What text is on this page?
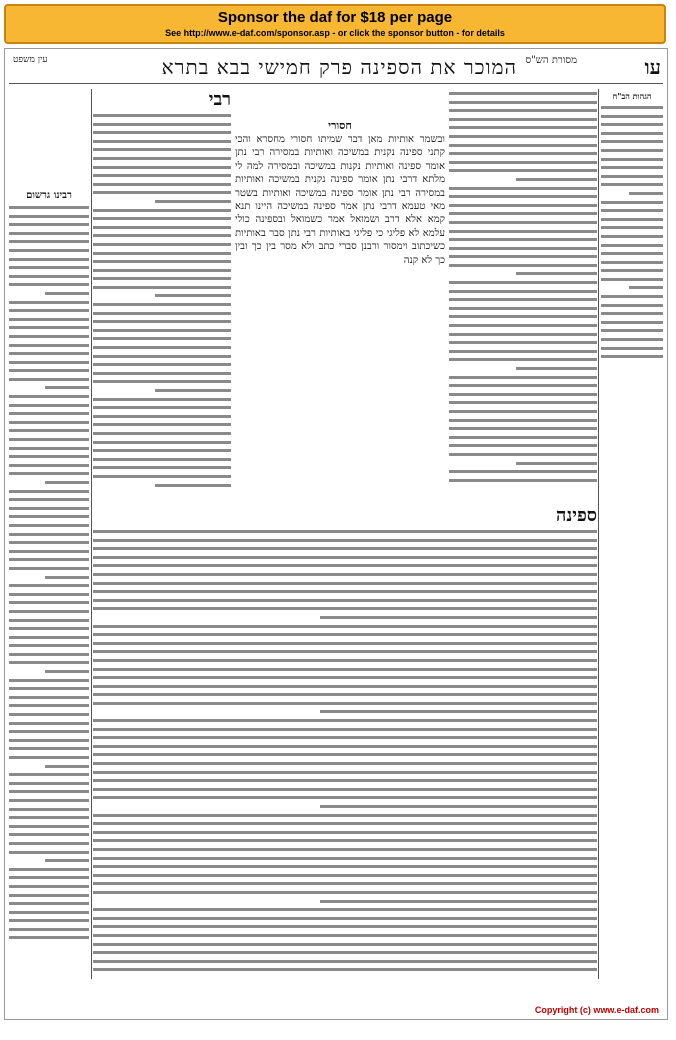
Sponsor the daf for $18 per page
See http://www.e-daf.com/sponsor.asp - or click the sponsor button - for details
עו
המוכר את הספינה פרק חמישי בבא בתרא מסורת הש"ס
עין משפט
הגהות הב"ח
חסורי
ובשמר אותיות מאן דבר שמיתו חסורי מחסרא והכי קתני ספינה נקנית במשיכה ואותיות במסירה רבי נתן אומר ספינה ואותיות נקנות במשיכה ובמסירה למה לי מלתא דרבי נתן אומר ספינה נקנית במשיכה ואותיות במסירה רבי נתן אומר ספינה במשיכה ואותיות בשטר מאי טעמא דרבי נתן אמר ספינה במשיכה היינו תנא קמא אלא דרב ושמואל אמר כשמואל ובספינה כולי עלמא לא פליגי כי פליגי באותיות רבי נתן סבר באותיות כשיכתוב וימסור ורבנן סברי כתב ולא מסר בין כך ובין כך לא קנה
רבי
רבינו גרשום
ספינה
Copyright (c) www.e-daf.com
